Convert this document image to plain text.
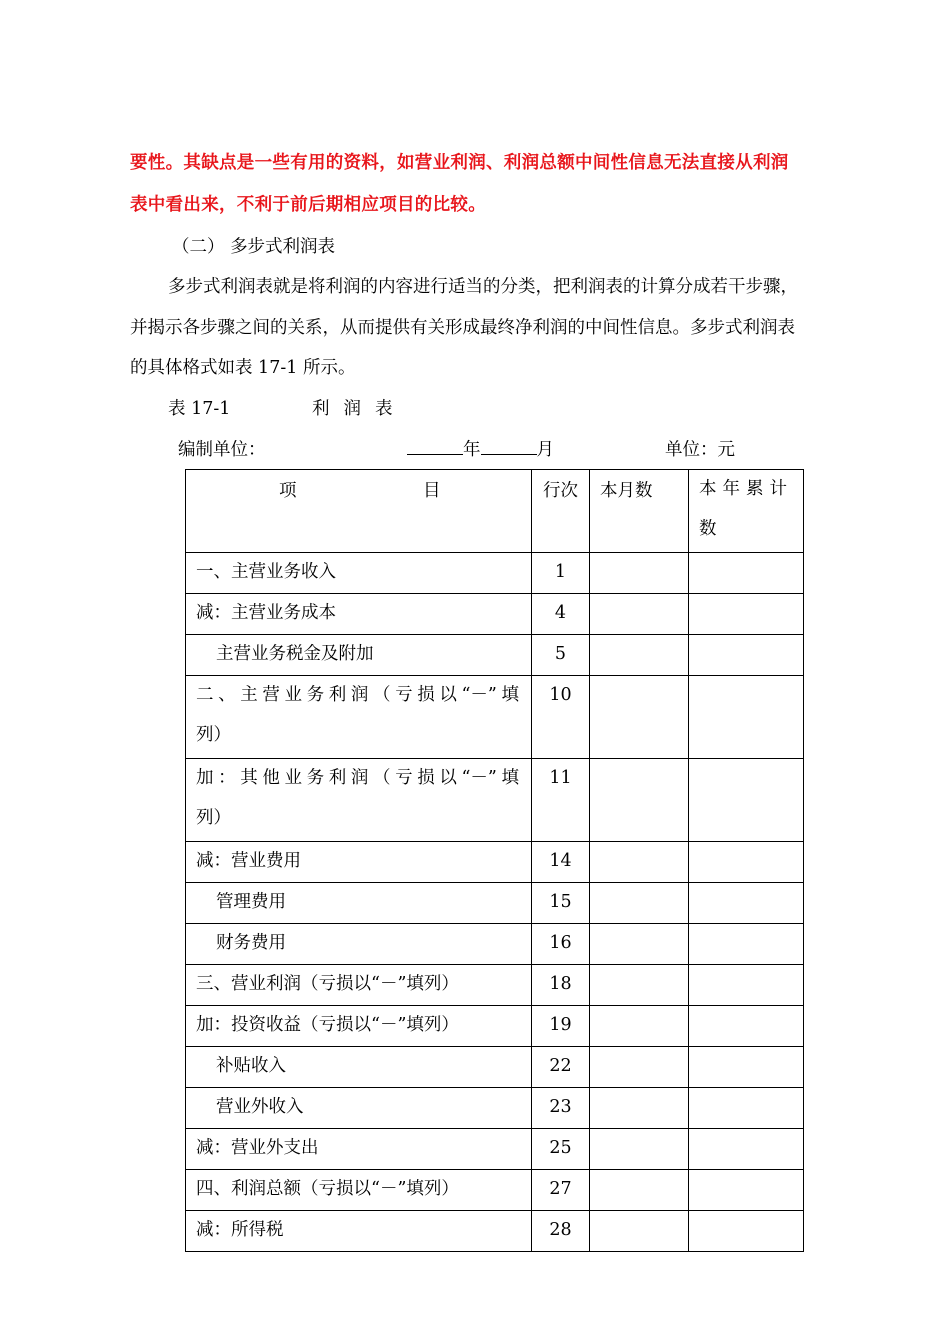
要性。其缺点是一些有用的资料，如营业利润、利润总额中间性信息无法直接从利润
表中看出来，不利于前后期相应项目的比较。
（二） 多步式利润表
多步式利润表就是将利润的内容进行适当的分类，把利润表的计算分成若干步骤，
并揭示各步骤之间的关系，从而提供有关形成最终净利润的中间性信息。多步式利润表
的具体格式如表 17-1 所示。
表 17-1	利润表
编制单位：	年	月	单位：元
项 目	行次	本月数	本年累计
数

一、主营业务收入	1		

减：主营业务成本	4		

主营业务税金及附加	5		

二、主营业务利润（亏损以“－”填
列）	10		

加：其他业务利润（亏损以“－”填
列）	11		

减：营业费用	14		

管理费用	15		

财务费用	16		

三、营业利润（亏损以“－”填列）	18		

加：投资收益（亏损以“－”填列）	19		

补贴收入	22		

营业外收入	23		

减：营业外支出	25		

四、利润总额（亏损以“－”填列）	27		

减：所得税	28		
